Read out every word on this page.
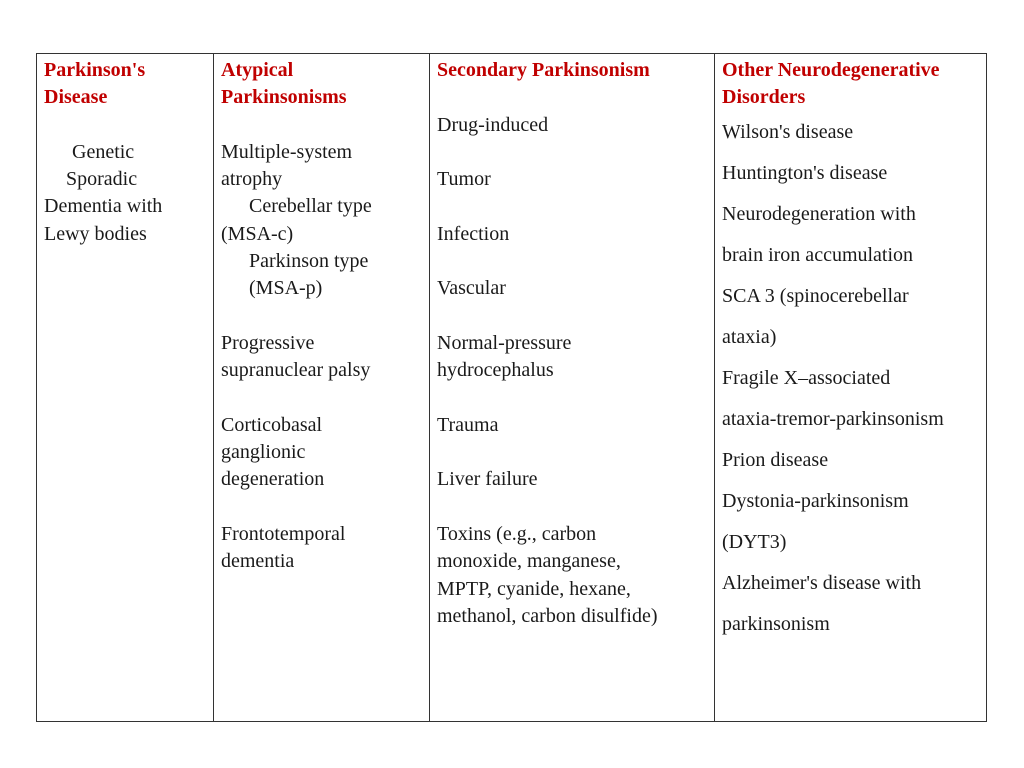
Parkinson's
Disease
Genetic
Sporadic
Dementia with
Lewy bodies
Atypical
Parkinsonisms
Multiple-system
atrophy
Cerebellar type
(MSA-c)
Parkinson type
(MSA-p)
Progressive
supranuclear palsy
Corticobasal
ganglionic
degeneration
Frontotemporal
dementia
Secondary Parkinsonism
Drug-induced
Tumor
Infection
Vascular
Normal-pressure
hydrocephalus
Trauma
Liver failure
Toxins (e.g., carbon
monoxide, manganese,
MPTP, cyanide, hexane,
methanol, carbon disulfide)
Other Neurodegenerative
Disorders
Wilson's disease
Huntington's disease
Neurodegeneration with
brain iron accumulation
SCA 3 (spinocerebellar
ataxia)
Fragile X–associated
ataxia-tremor-parkinsonism
Prion disease
Dystonia-parkinsonism
(DYT3)
Alzheimer's disease with
parkinsonism
